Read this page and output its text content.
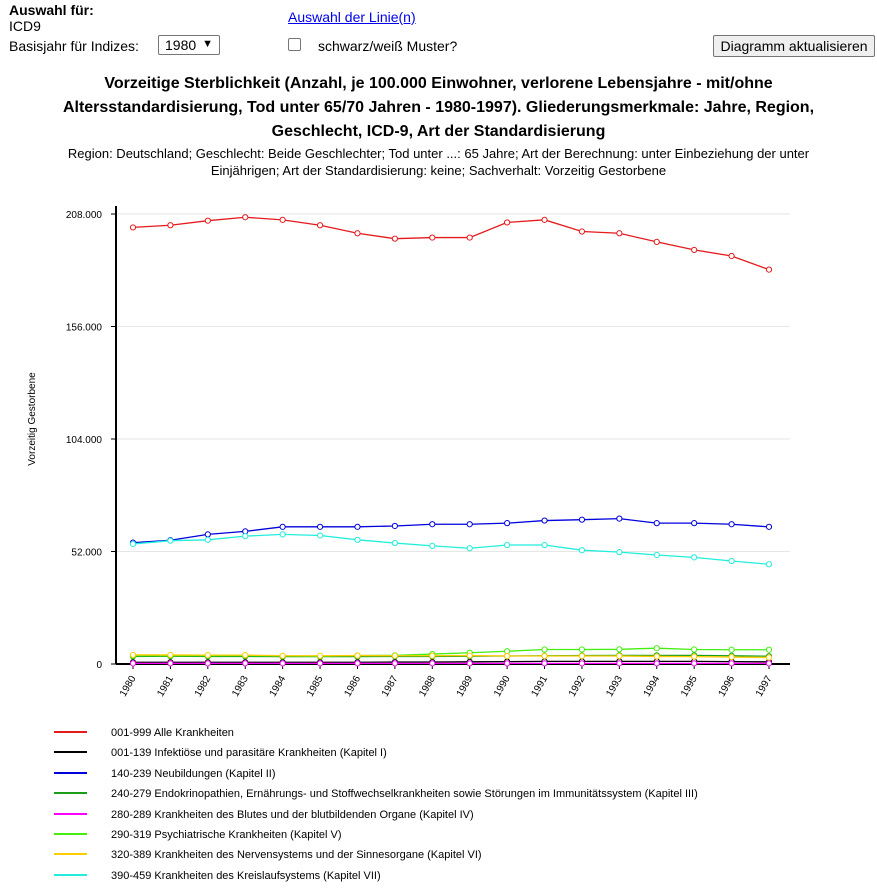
Auswahl für:
ICD9
Basisjahr für Indizes:	1980 ▼
Auswahl der Linie(n)
schwarz/weiß Muster?	Diagramm aktualisieren
Vorzeitige Sterblichkeit (Anzahl, je 100.000 Einwohner, verlorene Lebensjahre - mit/ohne Altersstandardisierung, Tod unter 65/70 Jahren - 1980-1997). Gliederungsmerkmale: Jahre, Region, Geschlecht, ICD-9, Art der Standardisierung
Region: Deutschland; Geschlecht: Beide Geschlechter; Tod unter ...: 65 Jahre; Art der Berechnung: unter Einbeziehung der unter Einjährigen; Art der Standardisierung: keine; Sachverhalt: Vorzeitig Gestorbene
0
52.000
104.000
156.000
208.000
Vorzeitig Gestorbene
1980 1981 1982 1983 1984 1985 1986 1987 1988 1989 1990 1991 1992 1993 1994 1995 1996 1997
001-999 Alle Krankheiten
001-139 Infektiöse und parasitäre Krankheiten (Kapitel I)
140-239 Neubildungen (Kapitel II)
240-279 Endokrinopathien, Ernährungs- und Stoffwechselkrankheiten sowie Störungen im Immunitätssystem (Kapitel III)
280-289 Krankheiten des Blutes und der blutbildenden Organe (Kapitel IV)
290-319 Psychiatrische Krankheiten (Kapitel V)
320-389 Krankheiten des Nervensystems und der Sinnesorgane (Kapitel VI)
390-459 Krankheiten des Kreislaufsystems (Kapitel VII)
